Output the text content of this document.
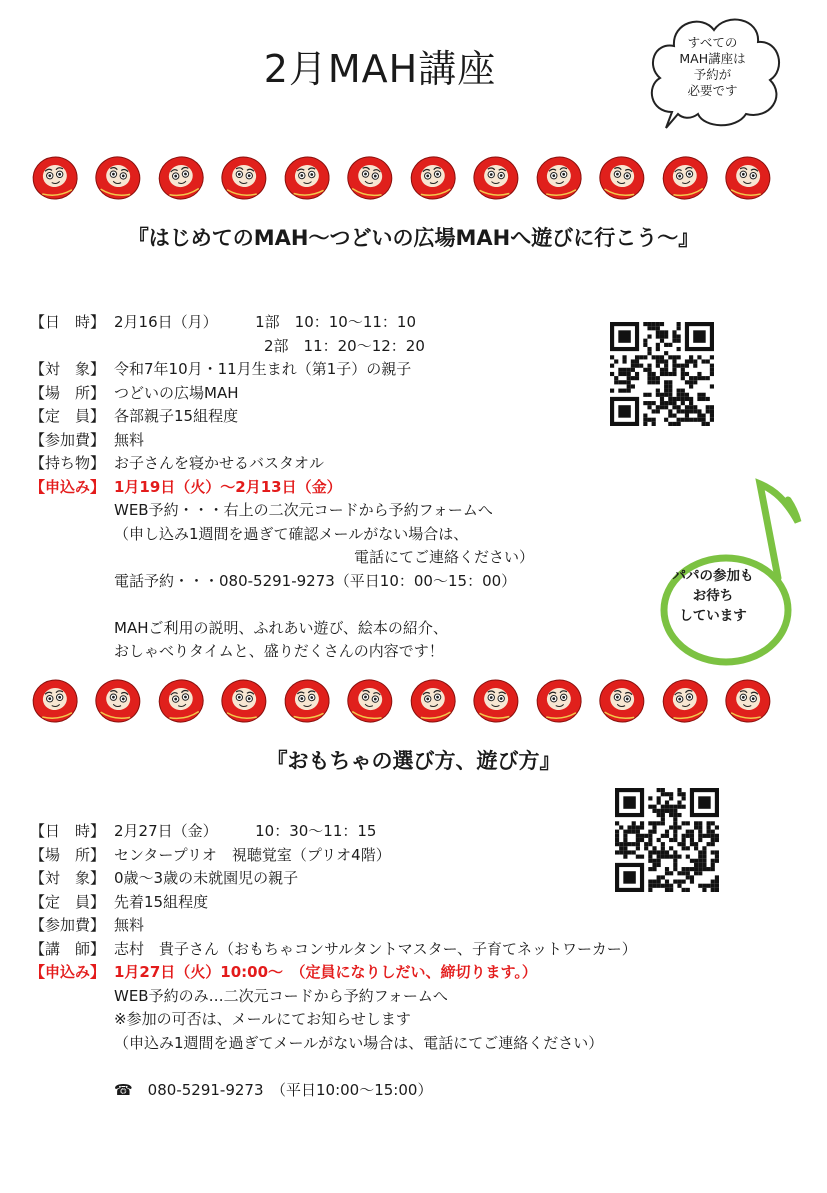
2月MAH講座
すべての
MAH講座は
予約が
必要です
『はじめてのMAH～つどいの広場MAHへ遊びに行こう～』
【日　時】 2月16日（月）　　　1部　10：10～11：10
　　　　　　　　　　2部　11：20～12：20
【対　象】 令和7年10月・11月生まれ（第1子）の親子
【場　所】 つどいの広場MAH
【定　員】 各部親子15組程度
【参加費】 無料
【持ち物】 お子さんを寝かせるバスタオル
【申込み】 1月19日（火）～2月13日（金）
WEB予約・・・右上の二次元コードから予約フォームへ
（申し込み1週間を過ぎて確認メールがない場合は、
　　　　　　　　　　　　　　　　電話にてご連絡ください）
電話予約・・・080-5291-9273（平日10：00～15：00）
MAHご利用の説明、ふれあい遊び、絵本の紹介、
おしゃべりタイムと、盛りだくさんの内容です！
パパの参加も
お待ち
しています
『おもちゃの選び方、遊び方』
【日　時】 2月27日（金）　　　10：30～11：15
【場　所】 センタープリオ　視聴覚室（プリオ4階）
【対　象】 0歳～3歳の未就園児の親子
【定　員】 先着15組程度
【参加費】 無料
【講　師】 志村　貴子さん（おもちゃコンサルタントマスター、子育てネットワーカー）
【申込み】 1月27日（火）10:00～　（定員になりしだい、締切ります。）
WEB予約のみ…二次元コードから予約フォームへ
※参加の可否は、メールにてお知らせします
（申込み1週間を過ぎてメールがない場合は、電話にてご連絡ください）
☎　080-5291-9273　（平日10:00～15:00）
